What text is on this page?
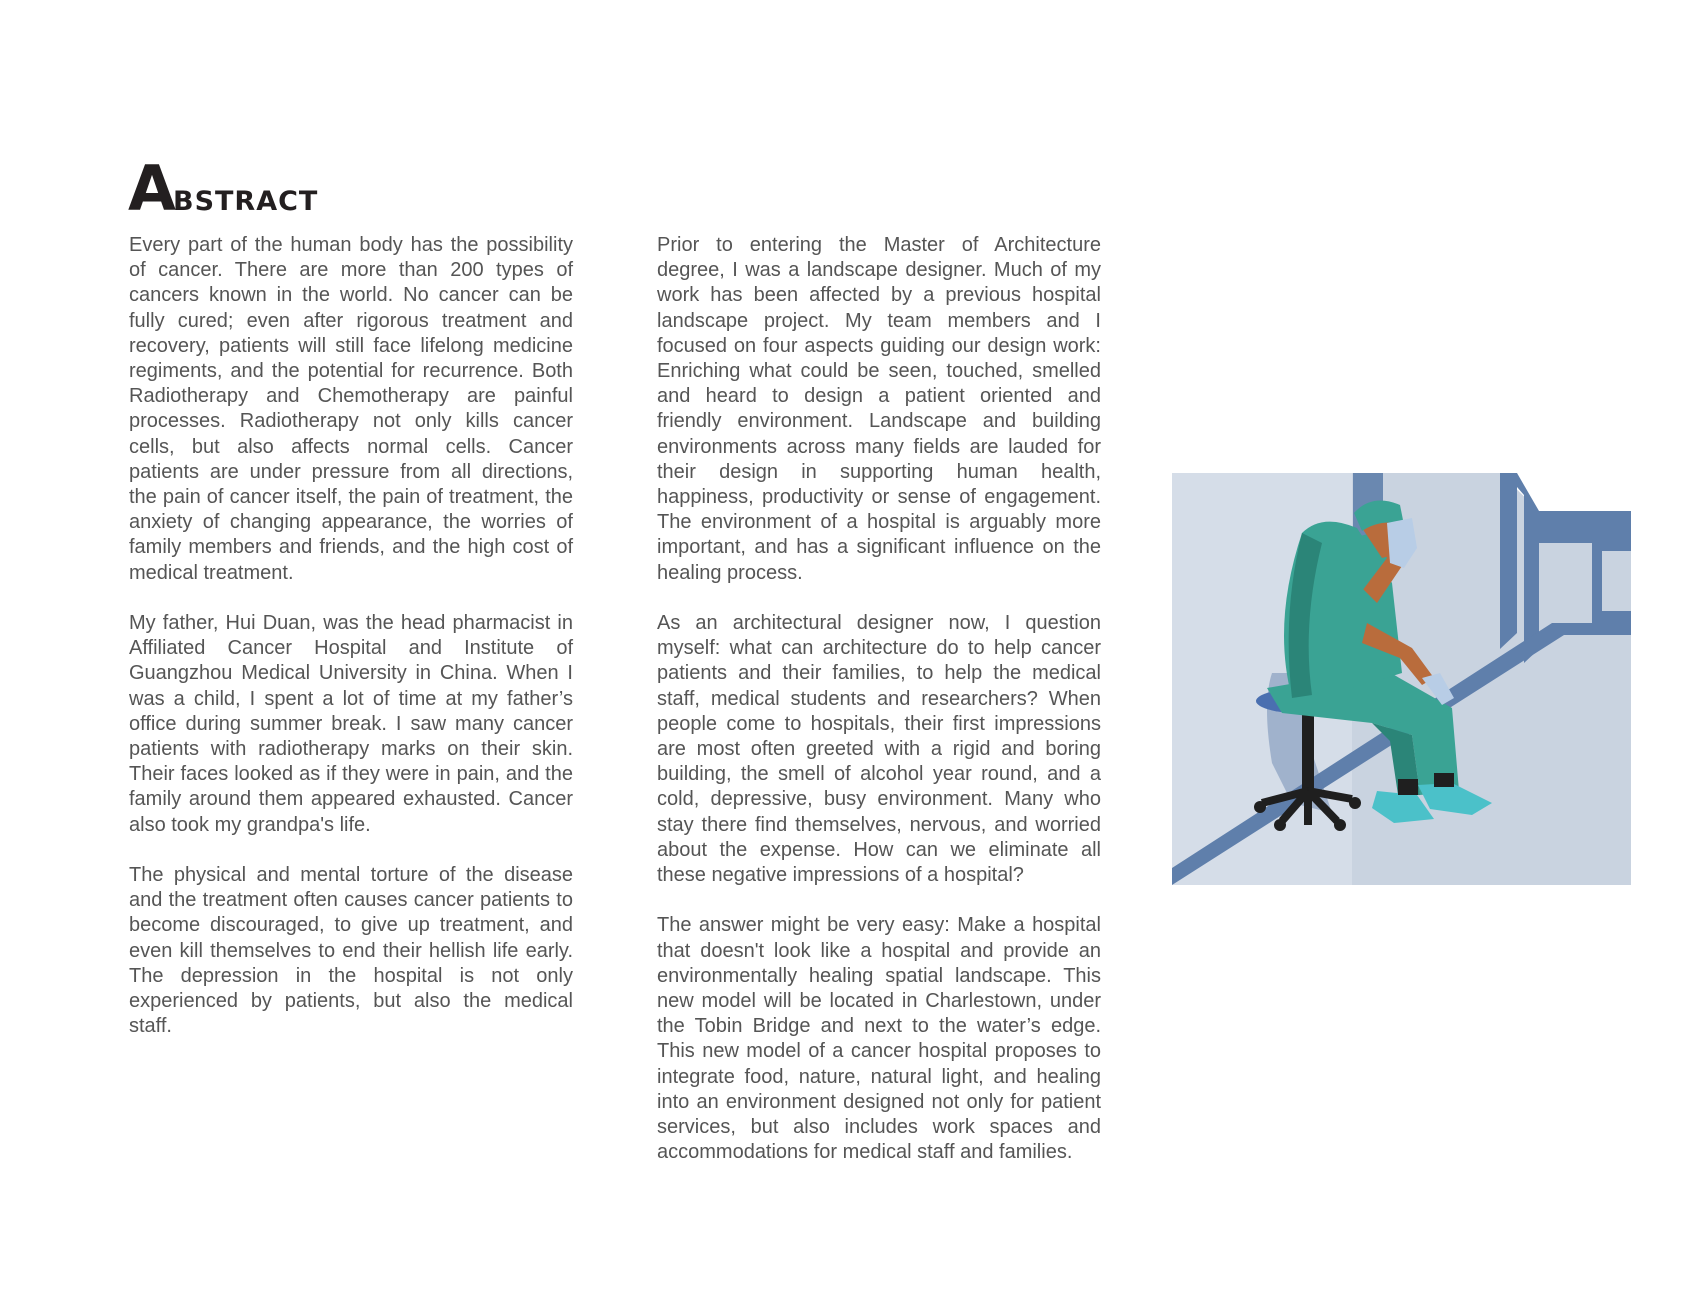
Abstract

Every part of the human body has the possibility of cancer. There are more than 200 types of cancers known in the world. No cancer can be fully cured; even after rigorous treatment and recovery, patients will still face lifelong medicine regiments, and the potential for recurrence. Both Radiotherapy and Chemotherapy are painful processes. Radiotherapy not only kills cancer cells, but also affects normal cells. Cancer patients are under pressure from all directions, the pain of cancer itself, the pain of treatment, the anxiety of changing appearance, the worries of family members and friends, and the high cost of medical treatment.

My father, Hui Duan, was the head pharmacist in Affiliated Cancer Hospital and Institute of Guangzhou Medical University in China. When I was a child, I spent a lot of time at my father’s office during summer break. I saw many cancer patients with radiotherapy marks on their skin. Their faces looked as if they were in pain, and the family around them appeared exhausted. Cancer also took my grandpa's life.

The physical and mental torture of the disease and the treatment often causes cancer patients to become discouraged, to give up treatment, and even kill themselves to end their hellish life early. The depression in the hospital is not only experienced by patients, but also the medical staff.

Prior to entering the Master of Architecture degree, I was a landscape designer. Much of my work has been affected by a previous hospital landscape project. My team members and I focused on four aspects guiding our design work: Enriching what could be seen, touched, smelled and heard to design a patient oriented and friendly environment. Landscape and building environments across many fields are lauded for their design in supporting human health, happiness, productivity or sense of engagement. The environment of a hospital is arguably more important, and has a significant influence on the healing process.

As an architectural designer now, I question myself: what can architecture do to help cancer patients and their families, to help the medical staff, medical students and researchers? When people come to hospitals, their first impressions are most often greeted with a rigid and boring building, the smell of alcohol year round, and a cold, depressive, busy environment. Many who stay there find themselves, nervous, and worried about the expense. How can we eliminate all these negative impressions of a hospital?

The answer might be very easy: Make a hospital that doesn't look like a hospital and provide an environmentally healing spatial landscape. This new model will be located in Charlestown, under the Tobin Bridge and next to the water’s edge. This new model of a cancer hospital proposes to integrate food, nature, natural light, and healing into an environment designed not only for patient services, but also includes work spaces and accommodations for medical staff and families.
